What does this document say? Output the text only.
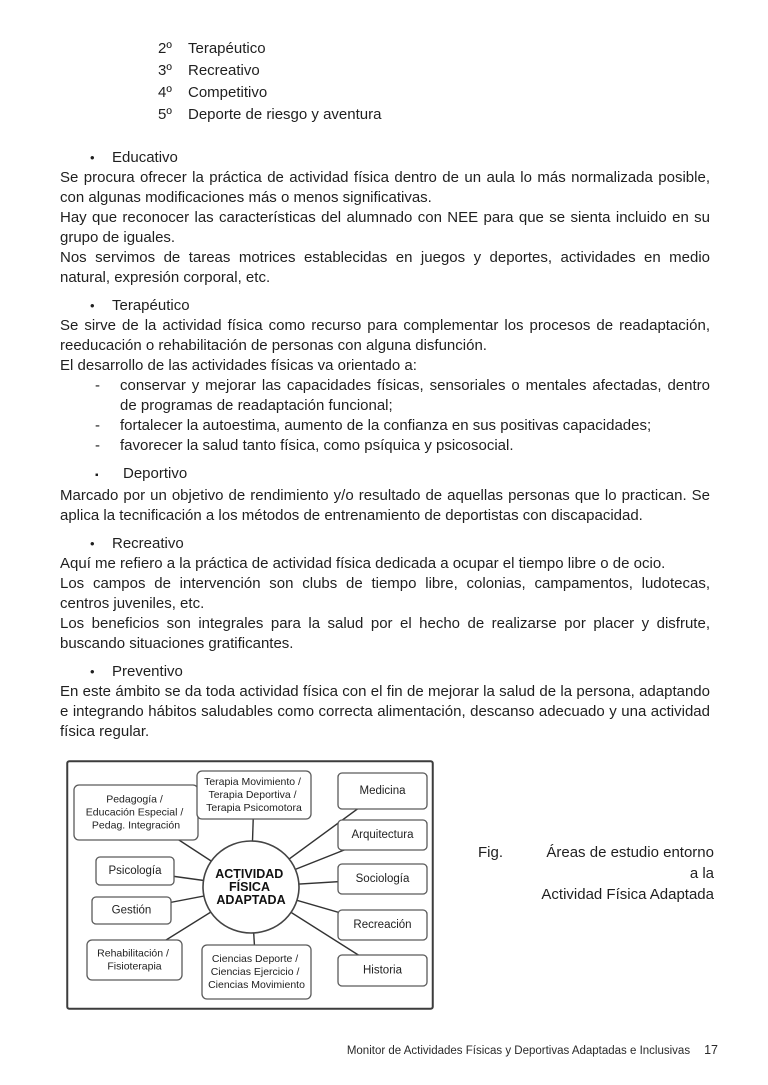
2º	Terapéutico
3º	Recreativo
4º	Competitivo
5º	Deporte de riesgo y aventura
•	Educativo

Se procura ofrecer la práctica de actividad física dentro de un aula lo más normalizada posible, con algunas modificaciones más o menos significativas.

Hay que reconocer las características del alumnado con NEE para que se sienta incluido en su grupo de iguales.

Nos servimos de tareas motrices establecidas en juegos y deportes, actividades en medio natural, expresión corporal, etc.

•	Terapéutico

Se sirve de la actividad física como recurso para complementar los procesos de readaptación, reeducación o rehabilitación de personas con alguna disfunción.

El desarrollo de las actividades físicas va orientado a:

-	conservar y mejorar las capacidades físicas, sensoriales o mentales afectadas, dentro de programas de readaptación funcional;
-	fortalecer la autoestima, aumento de la confianza en sus positivas capacidades;
-	favorecer la salud tanto física, como psíquica y psicosocial.
▪	Deportivo

Marcado por un objetivo de rendimiento y/o resultado de aquellas personas que lo practican. Se aplica la tecnificación a los métodos de entrenamiento de deportistas con discapacidad.

•	Recreativo

Aquí me refiero a la práctica de actividad física dedicada a ocupar el tiempo libre o de ocio.

Los campos de intervención son clubs de tiempo libre, colonias, campamentos, ludotecas, centros juveniles, etc.

Los beneficios son integrales para la salud por el hecho de realizarse por placer y disfrute, buscando situaciones gratificantes.

•	Preventivo

En este ámbito se da toda actividad física con el fin de mejorar la salud de la persona, adaptando e integrando hábitos saludables como correcta alimentación, descanso adecuado y una actividad física regular.

Pedagogía / Educación Especial / Pedag. Integración
Terapia Movimiento / Terapia Deportiva / Terapia Psicomotora
Psicología
Gestión
Rehabilitación / Fisioterapia
Ciencias Deporte / Ciencias Ejercicio / Ciencias Movimiento
Medicina
Arquitectura
Sociología
Recreación
Historia
ACTIVIDAD FÍSICA ADAPTADA
Fig.	Áreas de estudio entorno a la
Actividad Física Adaptada
Monitor de Actividades Físicas y Deportivas Adaptadas e Inclusivas 17
